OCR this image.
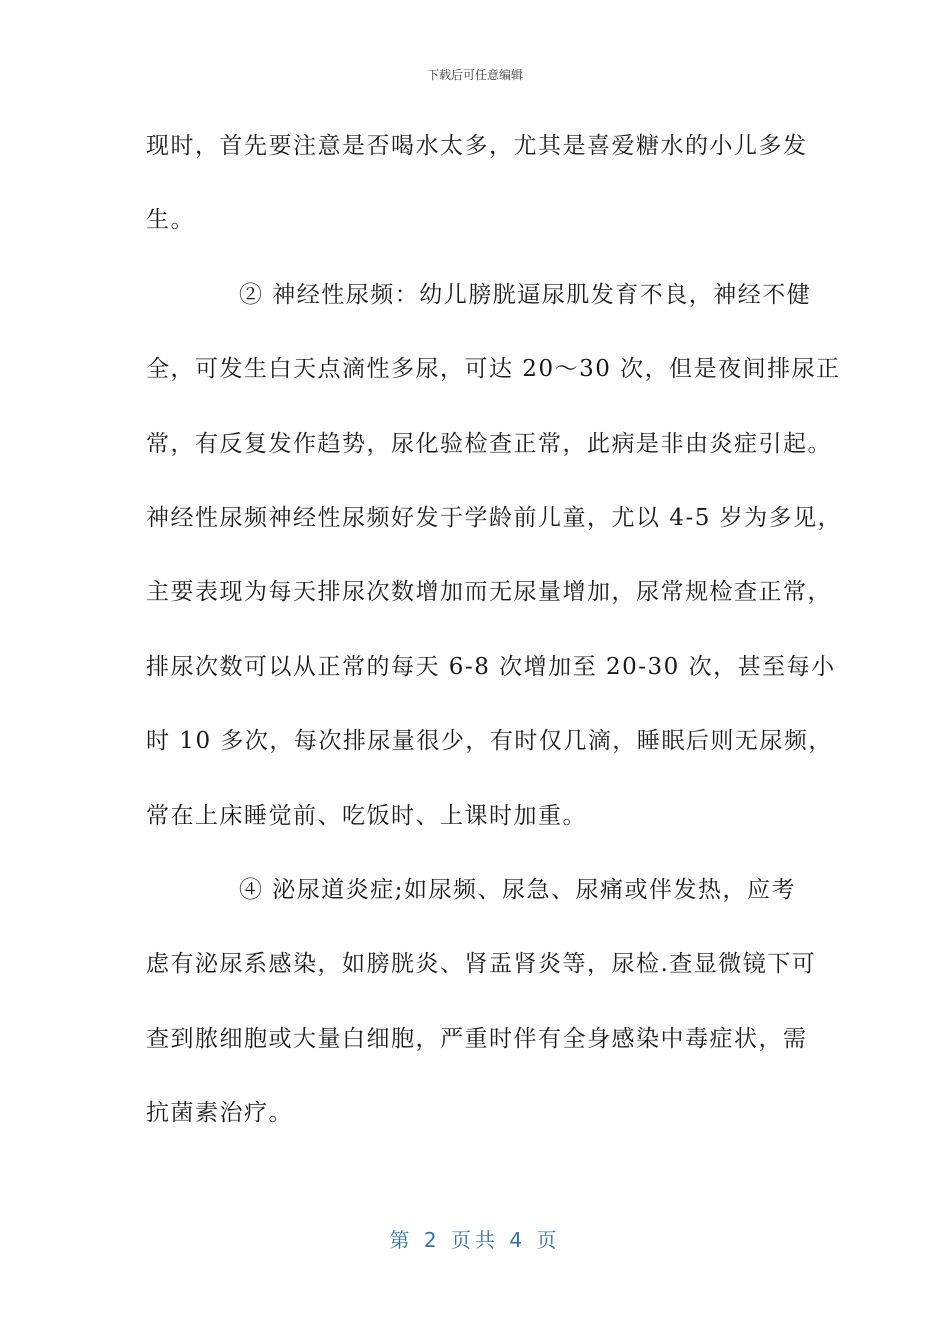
下载后可任意编辑
现时，首先要注意是否喝水太多，尤其是喜爱糖水的小儿多发
生。
② 神经性尿频：幼儿膀胱逼尿肌发育不良，神经不健
全，可发生白天点滴性多尿，可达 20～30 次，但是夜间排尿正
常，有反复发作趋势，尿化验检查正常，此病是非由炎症引起。
神经性尿频神经性尿频好发于学龄前儿童，尤以 4-5 岁为多见，
主要表现为每天排尿次数增加而无尿量增加，尿常规检查正常，
排尿次数可以从正常的每天 6-8 次增加至 20-30 次，甚至每小
时 10 多次，每次排尿量很少，有时仅几滴，睡眠后则无尿频，
常在上床睡觉前、吃饭时、上课时加重。
④ 泌尿道炎症;如尿频、尿急、尿痛或伴发热，应考
虑有泌尿系感染，如膀胱炎、肾盂肾炎等，尿检.查显微镜下可
查到脓细胞或大量白细胞，严重时伴有全身感染中毒症状，需
抗菌素治疗。
第 2 页共 4 页
